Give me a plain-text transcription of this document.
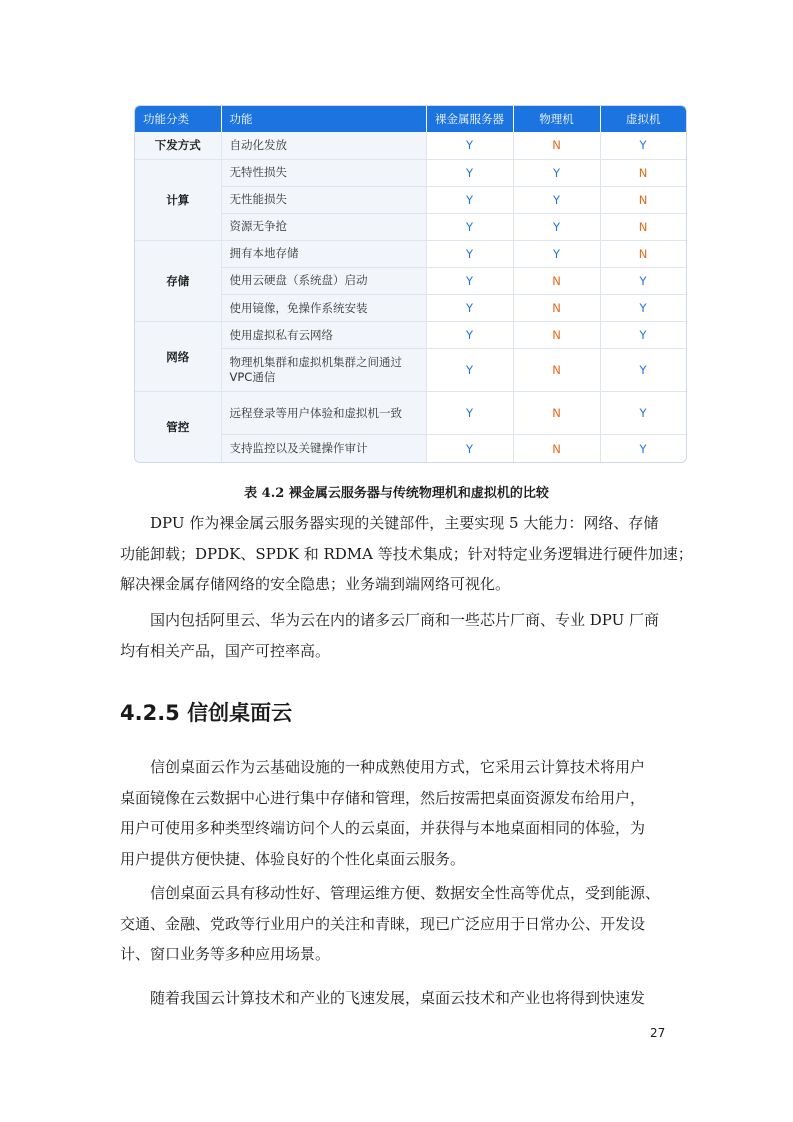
功能分类	功能	裸金属服务器	物理机	虚拟机
下发方式	自动化发放	Y	N	Y
计算	无特性损失	Y	Y	N
	无性能损失	Y	Y	N
	资源无争抢	Y	Y	N
存储	拥有本地存储	Y	Y	N
	使用云硬盘（系统盘）启动	Y	N	Y
	使用镜像，免操作系统安装	Y	N	Y
网络	使用虚拟私有云网络	Y	N	Y
	物理机集群和虚拟机集群之间通过VPC通信	Y	N	Y
管控	远程登录等用户体验和虚拟机一致	Y	N	Y
	支持监控以及关键操作审计	Y	N	Y
表 4.2 裸金属云服务器与传统物理机和虚拟机的比较

DPU 作为裸金属云服务器实现的关键部件，主要实现 5 大能力：网络、存储
功能卸载；DPDK、SPDK 和 RDMA 等技术集成；针对特定业务逻辑进行硬件加速；
解决裸金属存储网络的安全隐患；业务端到端网络可视化。

国内包括阿里云、华为云在内的诸多云厂商和一些芯片厂商、专业 DPU 厂商
均有相关产品，国产可控率高。

4.2.5 信创桌面云

信创桌面云作为云基础设施的一种成熟使用方式，它采用云计算技术将用户
桌面镜像在云数据中心进行集中存储和管理，然后按需把桌面资源发布给用户，
用户可使用多种类型终端访问个人的云桌面，并获得与本地桌面相同的体验，为
用户提供方便快捷、体验良好的个性化桌面云服务。

信创桌面云具有移动性好、管理运维方便、数据安全性高等优点，受到能源、
交通、金融、党政等行业用户的关注和青睐，现已广泛应用于日常办公、开发设
计、窗口业务等多种应用场景。

随着我国云计算技术和产业的飞速发展，桌面云技术和产业也将得到快速发

27
